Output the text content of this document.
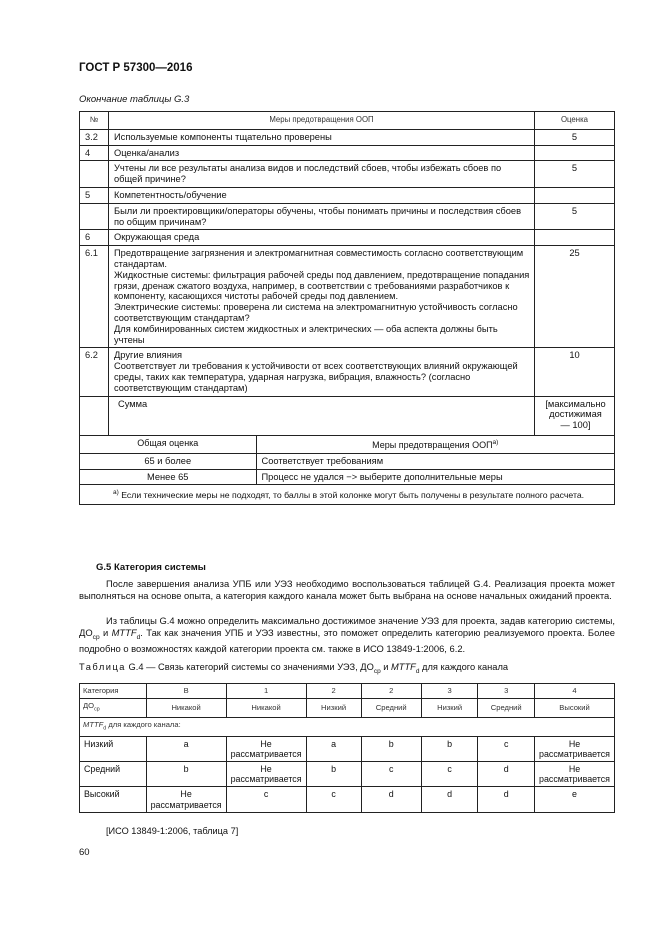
ГОСТ Р 57300—2016
Окончание таблицы G.3
№	Меры предотвращения ООП	Оценка
3.2	Используемые компоненты тщательно проверены	5
4	Оценка/анализ	
	Учтены ли все результаты анализа видов и последствий сбоев, чтобы избежать сбоев по общей причине?	5
5	Компетентность/обучение	
	Были ли проектировщики/операторы обучены, чтобы понимать причины и последствия сбоев по общим причинам?	5
6	Окружающая среда	
6.1	Предотвращение загрязнения и электромагнитная совместимость согласно соответствующим стандартам.
Жидкостные системы: фильтрация рабочей среды под давлением, предотвращение попадания грязи, дренаж сжатого воздуха, например, в соответствии с требованиями разработчиков к компоненту, касающихся чистоты рабочей среды под давлением.
Электрические системы: проверена ли система на электромагнитную устойчивость согласно соответствующим стандартам?
Для комбинированных систем жидкостных и электрических — оба аспекта должны быть учтены	25
6.2	Другие влияния
Соответствует ли требования к устойчивости от всех соответствующих влияний окружающей среды, таких как температура, ударная нагрузка, вибрация, влажность? (согласно соответствующим стандартам)	10
	Сумма	[максимально достижимая — 100]

Общая оценка	Меры предотвращения ООП$^{a)}$
65 и более	Соответствует требованиям
Менее 65	Процесс не удался −> выберите дополнительные меры

$^{a)}$ Если технические меры не подходят, то баллы в этой колонке могут быть получены в результате полного расчета.
G.5 Категория системы
После завершения анализа УПБ или УЭЗ необходимо воспользоваться таблицей G.4. Реализация проекта может выполняться на основе опыта, а категория каждого канала может быть выбрана на основе начальных ожиданий проекта.
Из таблицы G.4 можно определить максимально достижимое значение УЭЗ для проекта, задав категорию системы, $ДО_{ср}$ и $MTTF_d$. Так как значения УПБ и УЭЗ известны, это поможет определить категорию реализуемого проекта. Более подробно о возможностях каждой категории проекта см. также в ИСО 13849-1:2006, 6.2.
Таблица G.4 — Связь категорий системы со значениями УЭЗ, $ДО_{ср}$ и $MTTF_d$ для каждого канала
Категория	B	1	2	2	3	3	4
$ДО_{ср}$	Никакой	Никакой	Низкий	Средний	Низкий	Средний	Высокий
$MTTF_d$ для каждого канала:							
Низкий	a	Не рассматривается	a	b	b	c	Не рассматривается
Средний	b	Не рассматривается	b	c	c	d	Не рассматривается
Высокий	Не рассматривается	c	c	d	d	d	e
[ИСО 13849-1:2006, таблица 7]
60
